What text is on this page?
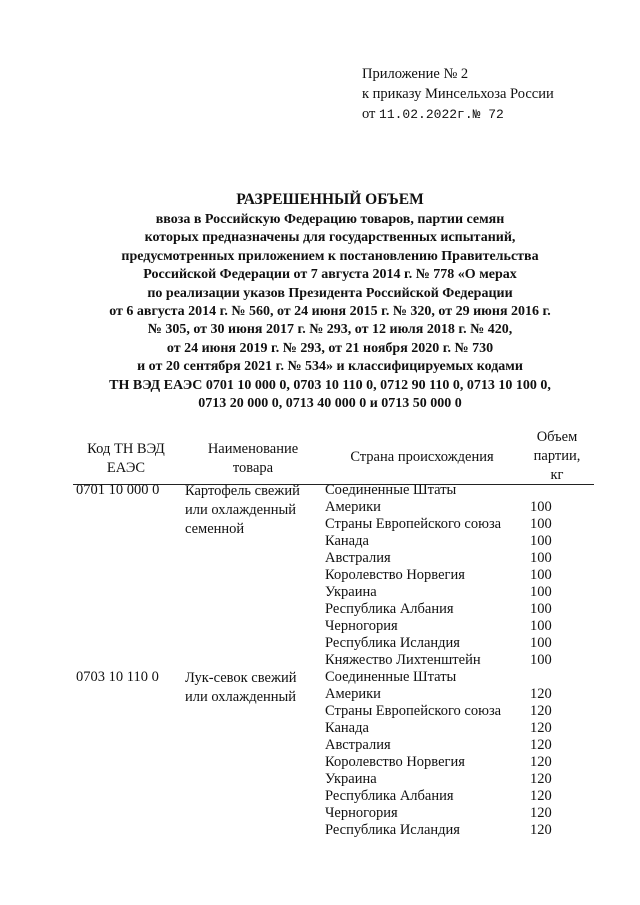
Приложение № 2
к приказу Минсельхоза России
от 11.02.2022г.№ 72
РАЗРЕШЕННЫЙ ОБЪЕМ
ввоза в Российскую Федерацию товаров, партии семян
которых предназначены для государственных испытаний,
предусмотренных приложением к постановлению Правительства
Российской Федерации от 7 августа 2014 г. № 778 «О мерах
по реализации указов Президента Российской Федерации
от 6 августа 2014 г. № 560, от 24 июня 2015 г. № 320, от 29 июня 2016 г.
№ 305, от 30 июня 2017 г. № 293, от 12 июля 2018 г. № 420,
от 24 июня 2019 г. № 293, от 21 ноября 2020 г. № 730
и от 20 сентября 2021 г. № 534» и классифицируемых кодами
ТН ВЭД ЕАЭС 0701 10 000 0, 0703 10 110 0, 0712 90 110 0, 0713 10 100 0,
0713 20 000 0, 0713 40 000 0 и 0713 50 000 0
Код ТН ВЭД
ЕАЭС
Наименование
товара
Страна происхождения
Объем
партии,
кг
0701 10 000 0	Картофель свежий или охлажденный семенной
Соединенные Штаты
Америки	100
Страны Европейского союза	100
Канада	100
Австралия	100
Королевство Норвегия	100
Украина	100
Республика Албания	100
Черногория	100
Республика Исландия	100
Княжество Лихтенштейн	100
0703 10 110 0	Лук-севок свежий или охлажденный
Соединенные Штаты
Америки	120
Страны Европейского союза	120
Канада	120
Австралия	120
Королевство Норвегия	120
Украина	120
Республика Албания	120
Черногория	120
Республика Исландия	120
